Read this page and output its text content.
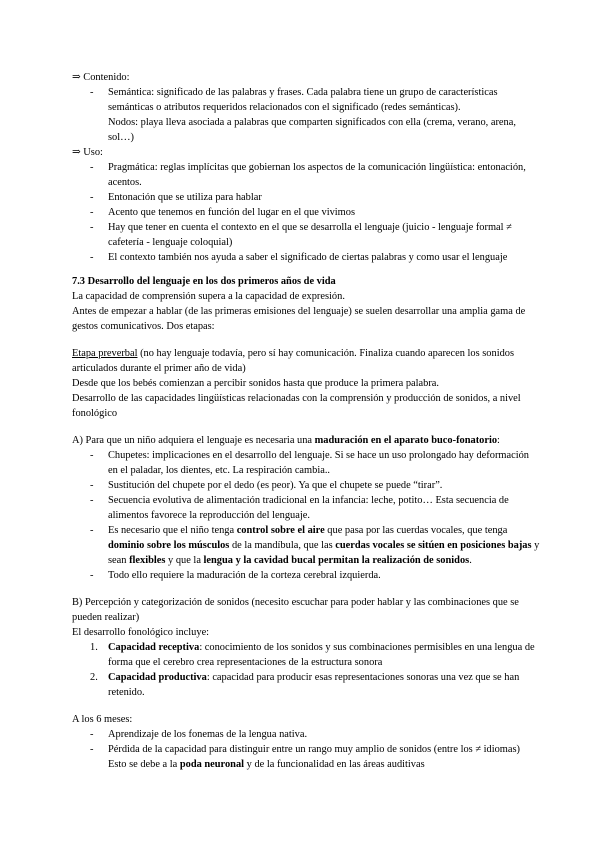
⇒ Contenido:

- Semántica: significado de las palabras y frases. Cada palabra tiene un grupo de características semánticas o atributos requeridos relacionados con el significado (redes semánticas).
Nodos: playa lleva asociada a palabras que comparten significados con ella (crema, verano, arena, sol…)

⇒ Uso:

- Pragmática: reglas implícitas que gobiernan los aspectos de la comunicación lingüística: entonación, acentos.
- Entonación que se utiliza para hablar
- Acento que tenemos en función del lugar en el que vivimos
- Hay que tener en cuenta el contexto en el que se desarrolla el lenguaje (juicio - lenguaje formal ≠ cafetería - lenguaje coloquial)
- El contexto también nos ayuda a saber el significado de ciertas palabras y como usar el lenguaje

7.3 Desarrollo del lenguaje en los dos primeros años de vida

La capacidad de comprensión supera a la capacidad de expresión.

Antes de empezar a hablar (de las primeras emisiones del lenguaje) se suelen desarrollar una amplia gama de gestos comunicativos. Dos etapas:

Etapa preverbal (no hay lenguaje todavía, pero sí hay comunicación. Finaliza cuando aparecen los sonidos articulados durante el primer año de vida)

Desde que los bebés comienzan a percibir sonidos hasta que produce la primera palabra.

Desarrollo de las capacidades lingüísticas relacionadas con la comprensión y producción de sonidos, a nivel fonológico

A) Para que un niño adquiera el lenguaje es necesaria una maduración en el aparato buco-fonatorio:

- Chupetes: implicaciones en el desarrollo del lenguaje. Si se hace un uso prolongado hay deformación en el paladar, los dientes, etc. La respiración cambia..
- Sustitución del chupete por el dedo (es peor). Ya que el chupete se puede “tirar”.
- Secuencia evolutiva de alimentación tradicional en la infancia: leche, potito… Esta secuencia de alimentos favorece la reproducción del lenguaje.
- Es necesario que el niño tenga control sobre el aire que pasa por las cuerdas vocales, que tenga dominio sobre los músculos de la mandíbula, que las cuerdas vocales se sitúen en posiciones bajas y sean flexibles y que la lengua y la cavidad bucal permitan la realización de sonidos.
- Todo ello requiere la maduración de la corteza cerebral izquierda.

B) Percepción y categorización de sonidos (necesito escuchar para poder hablar y las combinaciones que se pueden realizar)

El desarrollo fonológico incluye:

1. Capacidad receptiva: conocimiento de los sonidos y sus combinaciones permisibles en una lengua de forma que el cerebro crea representaciones de la estructura sonora
2. Capacidad productiva: capacidad para producir esas representaciones sonoras una vez que se han retenido.

A los 6 meses:

- Aprendizaje de los fonemas de la lengua nativa.
- Pérdida de la capacidad para distinguir entre un rango muy amplio de sonidos (entre los ≠ idiomas)
Esto se debe a la poda neuronal y de la funcionalidad en las áreas auditivas
